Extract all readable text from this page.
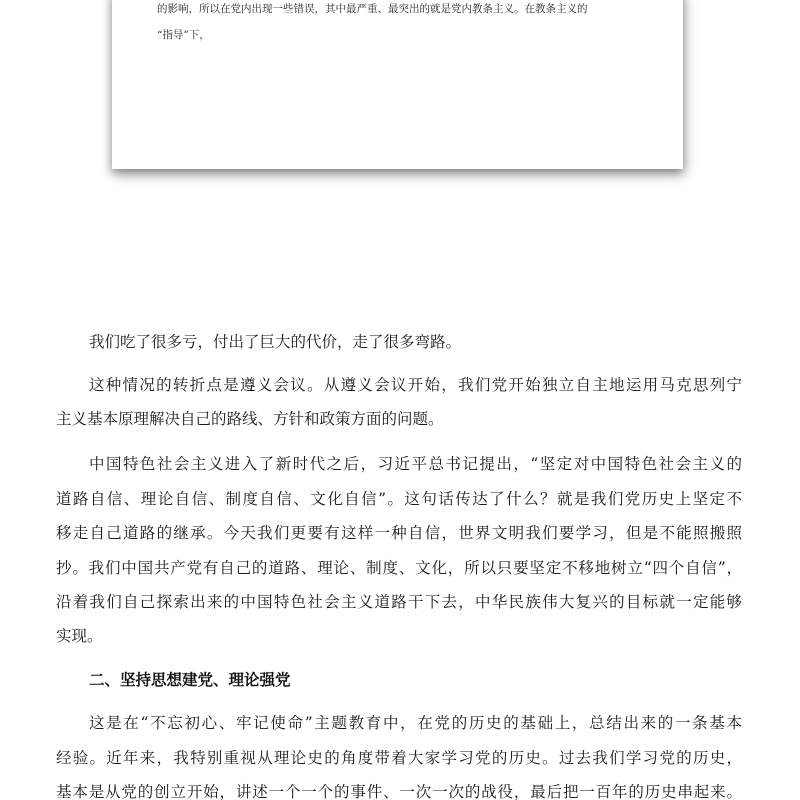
的影响，所以在党内出现一些错误，其中最严重、最突出的就是党内教条主义。在教条主义的
“指导”下，
我们吃了很多亏，付出了巨大的代价，走了很多弯路。
这种情况的转折点是遵义会议。从遵义会议开始，我们党开始独立自主地运用马克思列宁
主义基本原理解决自己的路线、方针和政策方面的问题。
中国特色社会主义进入了新时代之后，习近平总书记提出，“坚定对中国特色社会主义的
道路自信、理论自信、制度自信、文化自信”。这句话传达了什么？就是我们党历史上坚定不
移走自己道路的继承。今天我们更要有这样一种自信，世界文明我们要学习，但是不能照搬照
抄。我们中国共产党有自己的道路、理论、制度、文化，所以只要坚定不移地树立“四个自信”，
沿着我们自己探索出来的中国特色社会主义道路干下去，中华民族伟大复兴的目标就一定能够
实现。
二、坚持思想建党、理论强党
这是在“不忘初心、牢记使命”主题教育中，在党的历史的基础上，总结出来的一条基本
经验。近年来，我特别重视从理论史的角度带着大家学习党的历史。过去我们学习党的历史，
基本是从党的创立开始，讲述一个一个的事件、一次一次的战役，最后把一百年的历史串起来。
